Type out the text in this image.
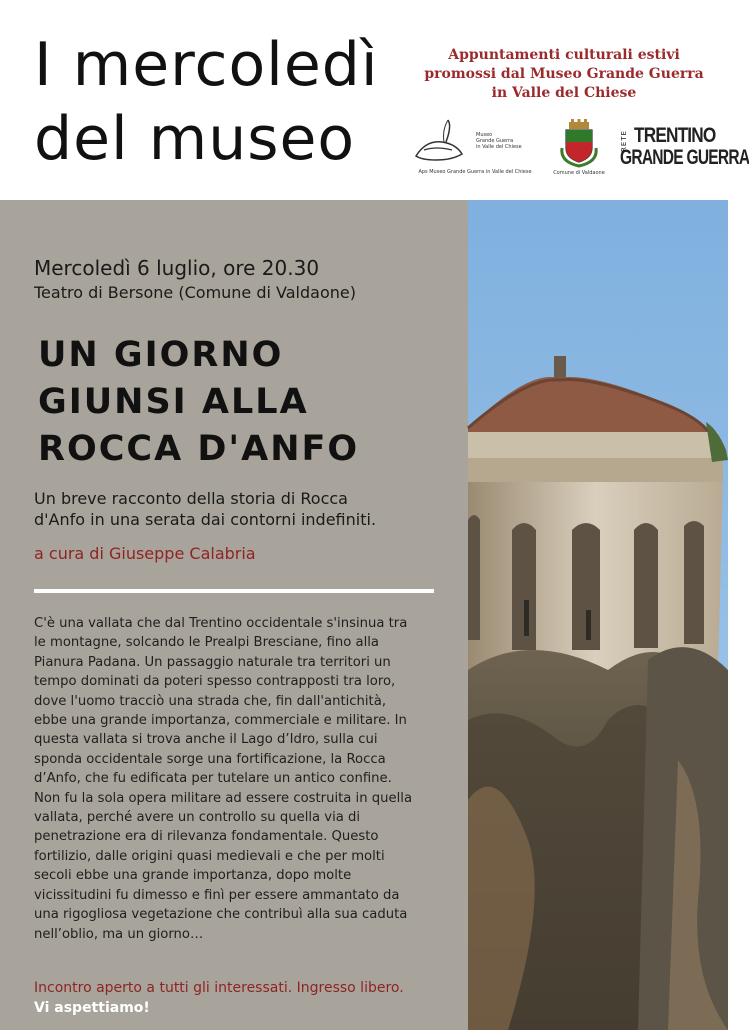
I mercoledì
del museo
Appuntamenti culturali estivi
promossi dal Museo Grande Guerra
in Valle del Chiese
Museo
Grande Guerra
in Valle del Chiese
Aps Museo Grande Guerra in Valle del Chiese	Comune di Valdaone
RETE TRENTINO
GRANDE GUERRA
Mercoledì 6 luglio, ore 20.30
Teatro di Bersone (Comune di Valdaone)
UN GIORNO
GIUNSI ALLA
ROCCA D'ANFO
Un breve racconto della storia di Rocca
d'Anfo in una serata dai contorni indefiniti.
a cura di Giuseppe Calabria
C'è una vallata che dal Trentino occidentale s'insinua tra
le montagne, solcando le Prealpi Bresciane, fino alla
Pianura Padana. Un passaggio naturale tra territori un
tempo dominati da poteri spesso contrapposti tra loro,
dove l'uomo tracciò una strada che, fin dall'antichità,
ebbe una grande importanza, commerciale e militare. In
questa vallata si trova anche il Lago d’Idro, sulla cui
sponda occidentale sorge una fortificazione, la Rocca
d’Anfo, che fu edificata per tutelare un antico confine.
Non fu la sola opera militare ad essere costruita in quella
vallata, perché avere un controllo su quella via di
penetrazione era di rilevanza fondamentale. Questo
fortilizio, dalle origini quasi medievali e che per molti
secoli ebbe una grande importanza, dopo molte
vicissitudini fu dimesso e finì per essere ammantato da
una rigogliosa vegetazione che contribuì alla sua caduta
nell’oblio, ma un giorno…
Incontro aperto a tutti gli interessati. Ingresso libero.
Vi aspettiamo!
